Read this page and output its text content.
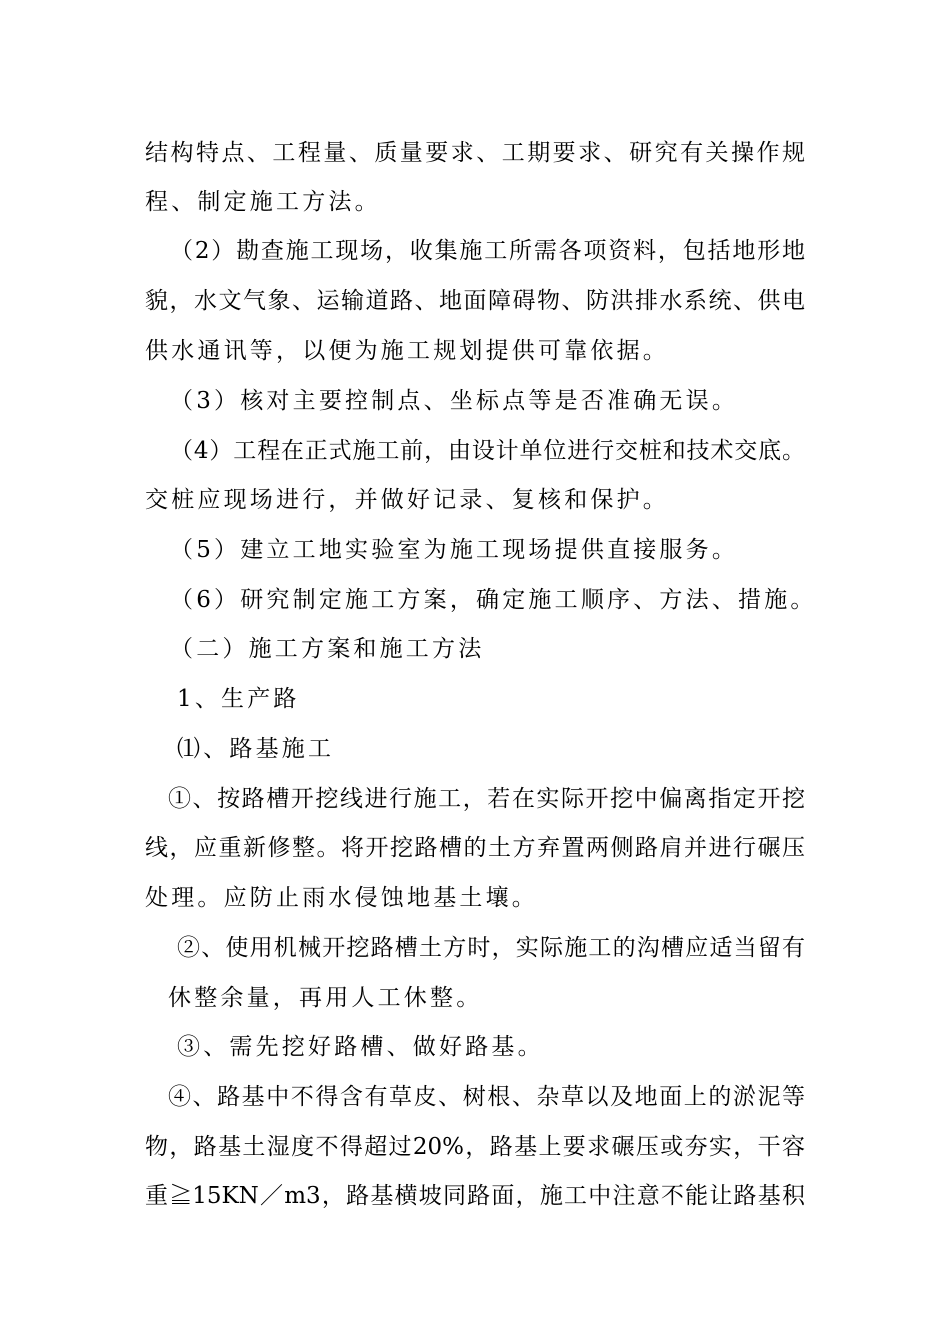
结构特点、工程量、质量要求、工期要求、研究有关操作规
程、制定施工方法。
（2）勘查施工现场，收集施工所需各项资料，包括地形地
貌，水文气象、运输道路、地面障碍物、防洪排水系统、供电
供水通讯等，以便为施工规划提供可靠依据。
（3）核对主要控制点、坐标点等是否准确无误。
（4）工程在正式施工前，由设计单位进行交桩和技术交底。
交桩应现场进行，并做好记录、复核和保护。
（5）建立工地实验室为施工现场提供直接服务。
（6）研究制定施工方案，确定施工顺序、方法、措施。
（二）施工方案和施工方法
1、生产路
⑴、路基施工
①、按路槽开挖线进行施工，若在实际开挖中偏离指定开挖
线，应重新修整。将开挖路槽的土方弃置两侧路肩并进行碾压
处理。应防止雨水侵蚀地基土壤。
②、使用机械开挖路槽土方时，实际施工的沟槽应适当留有
休整余量，再用人工休整。
③、需先挖好路槽、做好路基。
④、路基中不得含有草皮、树根、杂草以及地面上的淤泥等
物，路基土湿度不得超过20%，路基上要求碾压或夯实，干容
重≧15KN／m3，路基横坡同路面，施工中注意不能让路基积
